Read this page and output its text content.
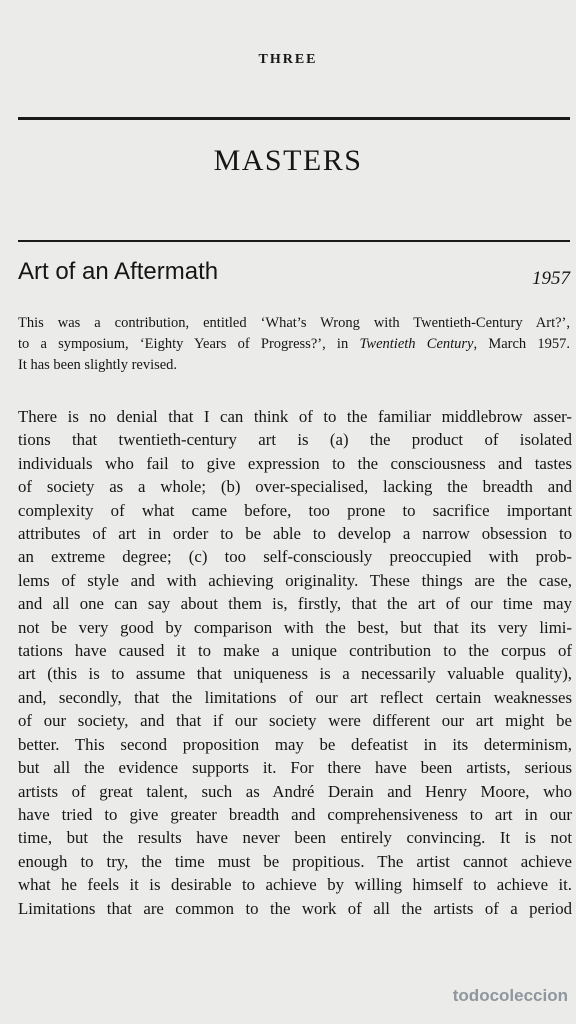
THREE
MASTERS
Art of an Aftermath	1957
This was a contribution, entitled ‘What’s Wrong with Twentieth-Century Art?’,
to a symposium, ‘Eighty Years of Progress?’, in Twentieth Century, March 1957.
It has been slightly revised.
There is no denial that I can think of to the familiar middlebrow asser-
tions that twentieth-century art is (a) the product of isolated
individuals who fail to give expression to the consciousness and tastes
of society as a whole; (b) over-specialised, lacking the breadth and
complexity of what came before, too prone to sacrifice important
attributes of art in order to be able to develop a narrow obsession to
an extreme degree; (c) too self-consciously preoccupied with prob-
lems of style and with achieving originality. These things are the case,
and all one can say about them is, firstly, that the art of our time may
not be very good by comparison with the best, but that its very limi-
tations have caused it to make a unique contribution to the corpus of
art (this is to assume that uniqueness is a necessarily valuable quality),
and, secondly, that the limitations of our art reflect certain weaknesses
of our society, and that if our society were different our art might be
better. This second proposition may be defeatist in its determinism,
but all the evidence supports it. For there have been artists, serious
artists of great talent, such as André Derain and Henry Moore, who
have tried to give greater breadth and comprehensiveness to art in our
time, but the results have never been entirely convincing. It is not
enough to try, the time must be propitious. The artist cannot achieve
what he feels it is desirable to achieve by willing himself to achieve it.
Limitations that are common to the work of all the artists of a period
todocoleccion
